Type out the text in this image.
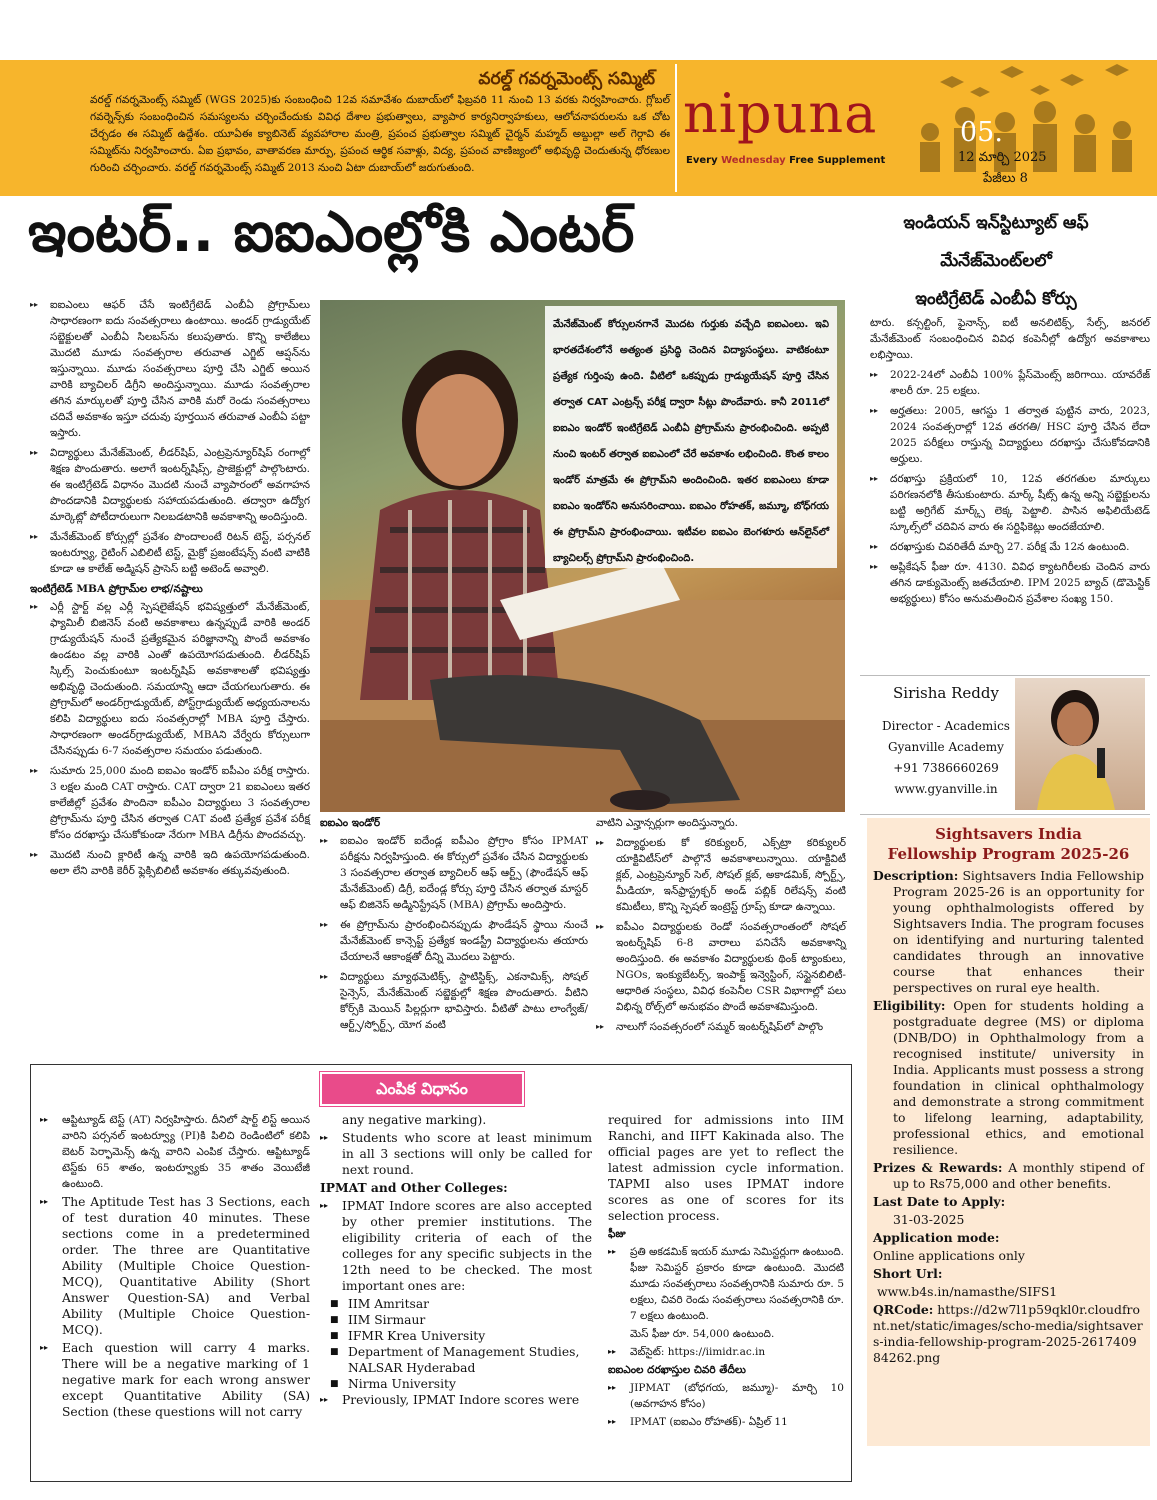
వరల్డ్ గవర్నమెంట్స్ సమ్మిట్
వరల్డ్ గవర్నమెంట్స్ సమ్మిట్ (WGS 2025)కు సంబంధించి 12వ సమావేశం దుబాయ్‌లో ఫిబ్రవరి 11 నుంచి 13 వరకు నిర్వహించారు. గ్లోబల్ గవర్నెన్స్‌కు సంబంధించిన సమస్యలను చర్చించేందుకు వివిధ దేశాల ప్రభుత్వాలు, వ్యాపార కార్యనిర్వాహకులు, ఆలోచనాపరులను ఒక చోట చేర్చడం ఈ సమ్మిట్ ఉద్దేశం. యూఏఈ క్యాబినెట్ వ్యవహారాల మంత్రి, ప్రపంచ ప్రభుత్వాల సమ్మిట్ చైర్మన్ మహ్మద్ అబ్దుల్లా అల్ గెర్గావి ఈ సమ్మిట్‌ను నిర్వహించారు. ఏఐ ప్రభావం, వాతావరణ మార్పు, ప్రపంచ ఆర్థిక సవాళ్లు, విద్య, ప్రపంచ వాణిజ్యంలో అభివృద్ధి చెందుతున్న ధోరణుల గురించి చర్చించారు. వరల్డ్ గవర్నమెంట్స్ సమ్మిట్ 2013 నుంచి ఏటా దుబాయ్‌లో జరుగుతుంది.
nipuna
Every Wednesday Free Supplement
05.
12 మార్చి 2025
పేజీలు 8
ఇంటర్.. ఐఐఎంల్లోకి ఎంటర్	ఇండియన్ ఇన్‌స్టిట్యూట్ ఆఫ్
మేనేజ్‌మెంట్‌లలో
ఇంటిగ్రేటెడ్ ఎంబీఏ కోర్సు

▸▸ ఐఐఎంలు ఆఫర్ చేసే ఇంటిగ్రేటెడ్ ఎంబీఏ ప్రోగ్రామ్‌లు సాధారణంగా ఐదు సంవత్సరాలు ఉంటాయి. అండర్ గ్రాడ్యుయేట్ సబ్జెక్టులతో ఎంబీఏ సిలబస్‌ను కలుపుతారు. కొన్ని కాలేజీలు మొదటి మూడు సంవత్సరాల తరువాత ఎగ్జిట్ ఆప్షన్‌ను ఇస్తున్నాయి. మూడు సంవత్సరాలు పూర్తి చేసి ఎగ్జిట్ అయిన వారికి బ్యాచిలర్ డిగ్రీని అందిస్తున్నాయి. మూడు సంవత్సరాల తగిన మార్కులతో పూర్తి చేసిన వారికి మరో రెండు సంవత్సరాలు చదివే అవకాశం ఇస్తూ చదువు పూర్తయిన తరువాత ఎంబీఏ పట్టా ఇస్తారు.

▸▸ విద్యార్థులు మేనేజ్‌మెంట్, లీడర్‌షిప్, ఎంట్రప్రెన్యూర్‌షిప్ రంగాల్లో శిక్షణ పొందుతారు. అలాగే ఇంటర్న్‌షిప్స్, ప్రాజెక్టుల్లో పాల్గొంటారు. ఈ ఇంటిగ్రేటెడ్ విధానం మొదటి నుంచే వ్యాపారంలో అవగాహన పొందడానికి విద్యార్థులకు సహాయపడుతుంది. తద్వారా ఉద్యోగ మార్కెట్లో పోటీదారులుగా నిలబడటానికి అవకాశాన్ని అందిస్తుంది.

▸▸ మేనేజ్‌మెంట్ కోర్సుల్లో ప్రవేశం పొందాలంటే రిటన్ టెస్ట్, పర్సనల్ ఇంటర్వ్యూ, రైటింగ్ ఎబిలిటీ టెస్ట్, మైక్రో ప్రజంటేషన్స్ వంటి వాటికి కూడా ఆ కాలేజ్ అడ్మిషన్ ప్రాసెస్ బట్టి అటెండ్ అవ్వాలి.

ఇంటిగ్రేటెడ్ MBA ప్రోగ్రామ్‌ల లాభ/నష్టాలు

▸▸ ఎర్లీ స్టార్ట్ వల్ల ఎర్లీ స్పెషలైజేషన్ భవిష్యత్తులో మేనేజ్‌మెంట్, ఫ్యామిలీ బిజినెస్ వంటి అవకాశాలు ఉన్నప్పుడే వారికి అండర్ గ్రాడ్యుయేషన్ నుంచే ప్రత్యేకమైన పరిజ్ఞానాన్ని పొందే అవకాశం ఉండటం వల్ల వారికి ఎంతో ఉపయోగపడుతుంది. లీడర్‌షిప్ స్కిల్స్ పెంచుకుంటూ ఇంటర్న్‌షిప్ అవకాశాలతో భవిష్యత్తు అభివృద్ధి చెందుతుంది. సమయాన్ని ఆదా చేయగలుగుతారు. ఈ ప్రోగ్రామ్‌లో అండర్‌గ్రాడ్యుయేట్, పోస్ట్‌గ్రాడ్యుయేట్ అధ్యయనాలను కలిపి విద్యార్థులు ఐదు సంవత్సరాల్లో MBA పూర్తి చేస్తారు. సాధారణంగా అండర్‌గ్రాడ్యుయేట్, MBAని వేర్వేరు కోర్సులుగా చేసినప్పుడు 6-7 సంవత్సరాల సమయం పడుతుంది.

▸▸ సుమారు 25,000 మంది ఐఐఎం ఇండోర్ ఐపీఎం పరీక్ష రాస్తారు. 3 లక్షల మంది CAT రాస్తారు. CAT ద్వారా 21 ఐఐఎంలు ఇతర కాలేజీల్లో ప్రవేశం పొందినా ఐపీఎం విద్యార్థులు 3 సంవత్సరాల ప్రోగ్రామ్‌ను పూర్తి చేసిన తర్వాత CAT వంటి ప్రత్యేక ప్రవేశ పరీక్ష కోసం దరఖాస్తు చేసుకోకుండా నేరుగా MBA డిగ్రీను పొందవచ్చు.

▸▸ మొదటి నుంచి క్లారిటీ ఉన్న వారికి ఇది ఉపయోగపడుతుంది. అలా లేని వారికి కెరీర్ ఫ్లెక్సిబిలిటీ అవకాశం తక్కువవుతుంది.

మేనేజ్‌మెంట్ కోర్సులనగానే మొదట గుర్తుకు వచ్చేది ఐఐఎంలు. ఇవి భారతదేశంలోనే అత్యంత ప్రసిద్ధి చెందిన విద్యాసంస్థలు. వాటికంటూ ప్రత్యేక గుర్తింపు ఉంది. వీటిలో ఒకప్పుడు గ్రాడ్యుయేషన్ పూర్తి చేసిన తర్వాత CAT ఎంట్రన్స్ పరీక్ష ద్వారా సీట్లు పొందేవారు. కానీ 2011లో ఐఐఎం ఇండోర్ ఇంటిగ్రేటెడ్ ఎంబీఏ ప్రోగ్రామ్‌ను ప్రారంభించింది. అప్పటి నుంచి ఇంటర్ తర్వాత ఐఐఎంలో చేరే అవకాశం లభించింది. కొంత కాలం ఇండోర్ మాత్రమే ఈ ప్రోగ్రామ్‌ని అందించింది. ఇతర ఐఐఎంలు కూడా ఐఐఎం ఇండోర్‌ని అనుసరించాయి. ఐఐఎం రోహతక్, జమ్మూ, బోధ్‌గయ ఈ ప్రోగ్రామ్‌ని ప్రారంభించాయి. ఇటీవల ఐఐఎం బెంగళూరు ఆన్‌లైన్‌లో బ్యాచిలర్స్ ప్రోగ్రామ్‌ని ప్రారంభించింది.

ఐఐఎం ఇండోర్

▸▸ ఐఐఎం ఇండోర్ ఐదేండ్ల ఐపీఎం ప్రోగ్రాం కోసం IPMAT పరీక్షను నిర్వహిస్తుంది. ఈ కోర్సులో ప్రవేశం చేసిన విద్యార్థులకు 3 సంవత్సరాల తర్వాత బ్యాచిలర్ ఆఫ్ ఆర్ట్స్ (ఫౌండేషన్ ఆఫ్ మేనేజ్‌మెంట్) డిగ్రీ, ఐదేండ్ల కోర్సు పూర్తి చేసిన తర్వాత మాస్టర్ ఆఫ్ బిజినెస్ అడ్మినిస్ట్రేషన్ (MBA) ప్రోగ్రామ్ అందిస్తారు.

▸▸ ఈ ప్రోగ్రామ్‌ను ప్రారంభించినప్పుడు ఫౌండేషన్ స్థాయి నుంచే మేనేజ్‌మెంట్ కాన్సెప్ట్ ప్రత్యేక ఇండస్ట్రీ విద్యార్థులను తయారు చేయాలనే ఆకాంక్షతో దీన్ని మొదలు పెట్టారు.

▸▸ విద్యార్థులు మ్యాథమెటిక్స్, స్టాటిస్టిక్స్, ఎకనామిక్స్, సోషల్ సైన్సెస్, మేనేజ్‌మెంట్ సబ్జెక్టుల్లో శిక్షణ పొందుతారు. వీటిని కోర్స్‌కి మెయిన్ పిల్లర్లుగా భావిస్తారు. వీటితో పాటు లాంగ్వేజ్/ ఆర్ట్స్/స్పోర్ట్స్, యోగ వంటి

వాటిని ఎన్హాన్సర్లుగా అందిస్తున్నారు.

▸▸ విద్యార్థులకు కో కరిక్యులర్, ఎక్స్‌ట్రా కరిక్యులర్ యాక్టివిటీస్‌లో పాల్గొనే అవకాశాలున్నాయి. యాక్టివిటీ క్లబ్, ఎంట్రప్రెన్యూర్ సెల్, సోషల్ క్లబ్, అకాడమిక్, స్పోర్ట్స్, మీడియా, ఇన్‌ఫ్రాస్ట్రక్చర్ అండ్ పబ్లిక్ రిలేషన్స్ వంటి కమిటీలు, కొన్ని స్పెషల్ ఇంట్రెస్ట్ గ్రూప్స్ కూడా ఉన్నాయి.

▸▸ ఐపీఎం విద్యార్థులకు రెండో సంవత్సరాంతంలో సోషల్ ఇంటర్న్‌షిప్ 6-8 వారాలు పనిచేసే అవకాశాన్ని అందిస్తుంది. ఈ అవకాశం విద్యార్థులకు థింక్ ట్యాంకులు, NGOs, ఇంక్యుబేటర్స్, ఇంపాక్ట్ ఇన్వెస్టింగ్, సస్టైనబిలిటీ-ఆధారిత సంస్థలు, వివిధ కంపెనీల CSR విభాగాల్లో పలు విభిన్న రోల్స్‌లో అనుభవం పొందే అవకాశమిస్తుంది.

▸▸ నాలుగో సంవత్సరంలో సమ్మర్ ఇంటర్న్‌షిప్‌లో పాల్గొం

టారు. కన్సల్టింగ్, ఫైనాన్స్, ఐటీ అనలిటిక్స్, సేల్స్, జనరల్ మేనేజ్‌మెంట్ సంబంధించిన వివిధ కంపెనీల్లో ఉద్యోగ అవకాశాలు లభిస్తాయి.

▸▸ 2022-24లో ఎంబీఏ 100% ప్లేస్‌మెంట్స్ జరిగాయి. యావరేజ్ శాలరీ రూ. 25 లక్షలు.

▸▸ అర్హతలు: 2005, ఆగస్టు 1 తర్వాత పుట్టిన వారు, 2023, 2024 సంవత్సరాల్లో 12వ తరగతి/ HSC పూర్తి చేసిన లేదా 2025 పరీక్షలు రాస్తున్న విద్యార్థులు దరఖాస్తు చేసుకోవడానికి అర్హులు.

▸▸ దరఖాస్తు ప్రక్రియలో 10, 12వ తరగతుల మార్కులు పరిగణనలోకి తీసుకుంటారు. మార్క్ షీట్స్ ఉన్న అన్ని సబ్జెక్టులను బట్టి అగ్రిగేట్ మార్క్స్ లెక్క పెట్టాలి. పాసిన అఫిలియేటెడ్ స్కూల్స్‌లో చదివిన వారు ఈ సర్టిఫికెట్లు అందజేయాలి.

▸▸ దరఖాస్తుకు చివరితేదీ మార్చి 27. పరీక్ష మే 12న ఉంటుంది.

▸▸ అప్లికేషన్ ఫీజు రూ. 4130. వివిధ క్యాటగిరీలకు చెందిన వారు తగిన డాక్యుమెంట్స్ జతచేయాలి. IPM 2025 బ్యాచ్ (డొమెస్టిక్ అభ్యర్థులు) కోసం అనుమతించిన ప్రవేశాల సంఖ్య 150.

Sirisha Reddy
Director - Academics
Gyanville Academy
+91 7386660269
www.gyanville.in
Sightsavers India
Fellowship Program 2025-26

Description: Sightsavers India Fellowship Program 2025-26 is an opportunity for young ophthalmologists offered by Sightsavers India. The program focuses on identifying and nurturing talented candidates through an innovative course that enhances their perspectives on rural eye health.

Eligibility: Open for students holding a postgraduate degree (MS) or diploma (DNB/DO) in Ophthalmology from a recognised institute/ university in India. Applicants must possess a strong foundation in clinical ophthalmology and demonstrate a strong commitment to lifelong learning, adaptability, professional ethics, and emotional resilience.

Prizes & Rewards: A monthly stipend of up to Rs75,000 and other benefits.

Last Date to Apply:

31-03-2025

Application mode:

Online applications only

Short Url:

www.b4s.in/namasthe/SIFS1

QRCode: https://d2w7l1p59qkl0r.cloudfront.net/static/images/scho-media/sightsavers-india-fellowship-program-2025-261740984262.png

ఎంపిక విధానం

▸▸ ఆప్టిట్యూడ్ టెస్ట్ (AT) నిర్వహిస్తారు. దీనిలో షార్ట్ లిస్ట్ అయిన వారిని పర్సనల్ ఇంటర్వ్యూ (PI)కి పిలిచి రెండింటిలో కలిపి బెటర్ పెర్ఫామెన్స్ ఉన్న వారిని ఎంపిక చేస్తారు. ఆప్టిట్యూడ్ టెస్ట్‌కు 65 శాతం, ఇంటర్వ్యూకు 35 శాతం వెయిటేజీ ఉంటుంది.

▸▸ The Aptitude Test has 3 Sections, each of test duration 40 minutes. These sections come in a predetermined order. The three are Quantitative Ability (Multiple Choice Question-MCQ), Quantitative Ability (Short Answer Question-SA) and Verbal Ability (Multiple Choice Question-MCQ).

▸▸ Each question will carry 4 marks. There will be a negative marking of 1 negative mark for each wrong answer except Quantitative Ability (SA) Section (these questions will not carry

any negative marking).

▸▸ Students who score at least minimum in all 3 sections will only be called for next round.

IPMAT and Other Colleges:

▸▸ IPMAT Indore scores are also accepted by other premier institutions. The eligibility criteria of each of the colleges for any specific subjects in the 12th need to be checked. The most important ones are:

■ IIM Amritsar

■ IIM Sirmaur

■ IFMR Krea University

■ Department of Management Studies, NALSAR Hyderabad

■ Nirma University

▸▸ Previously, IPMAT Indore scores were

required for admissions into IIM Ranchi, and IIFT Kakinada also. The official pages are yet to reflect the latest admission cycle information. TAPMI also uses IPMAT indore scores as one of scores for its selection process.

ఫీజు

▸▸ ప్రతి అకడమిక్ ఇయర్ మూడు సెమిస్టర్లుగా ఉంటుంది. ఫీజు సెమిస్టర్ ప్రకారం కూడా ఉంటుంది. మొదటి మూడు సంవత్సరాలు సంవత్సరానికి సుమారు రూ. 5 లక్షలు, చివరి రెండు సంవత్సరాలు సంవత్సరానికి రూ. 7 లక్షలు ఉంటుంది.

మెస్ ఫీజు రూ. 54,000 ఉంటుంది.

▸▸ వెబ్‌సైట్: https://iimidr.ac.in

ఐఐఎంల దరఖాస్తుల చివరి తేదీలు

▸▸ JIPMAT (బోధగయ, జమ్మూ)- మార్చి 10 (అవగాహన కోసం)

▸▸ IPMAT (ఐఐఎం రోహతక్)- ఏప్రిల్ 11
